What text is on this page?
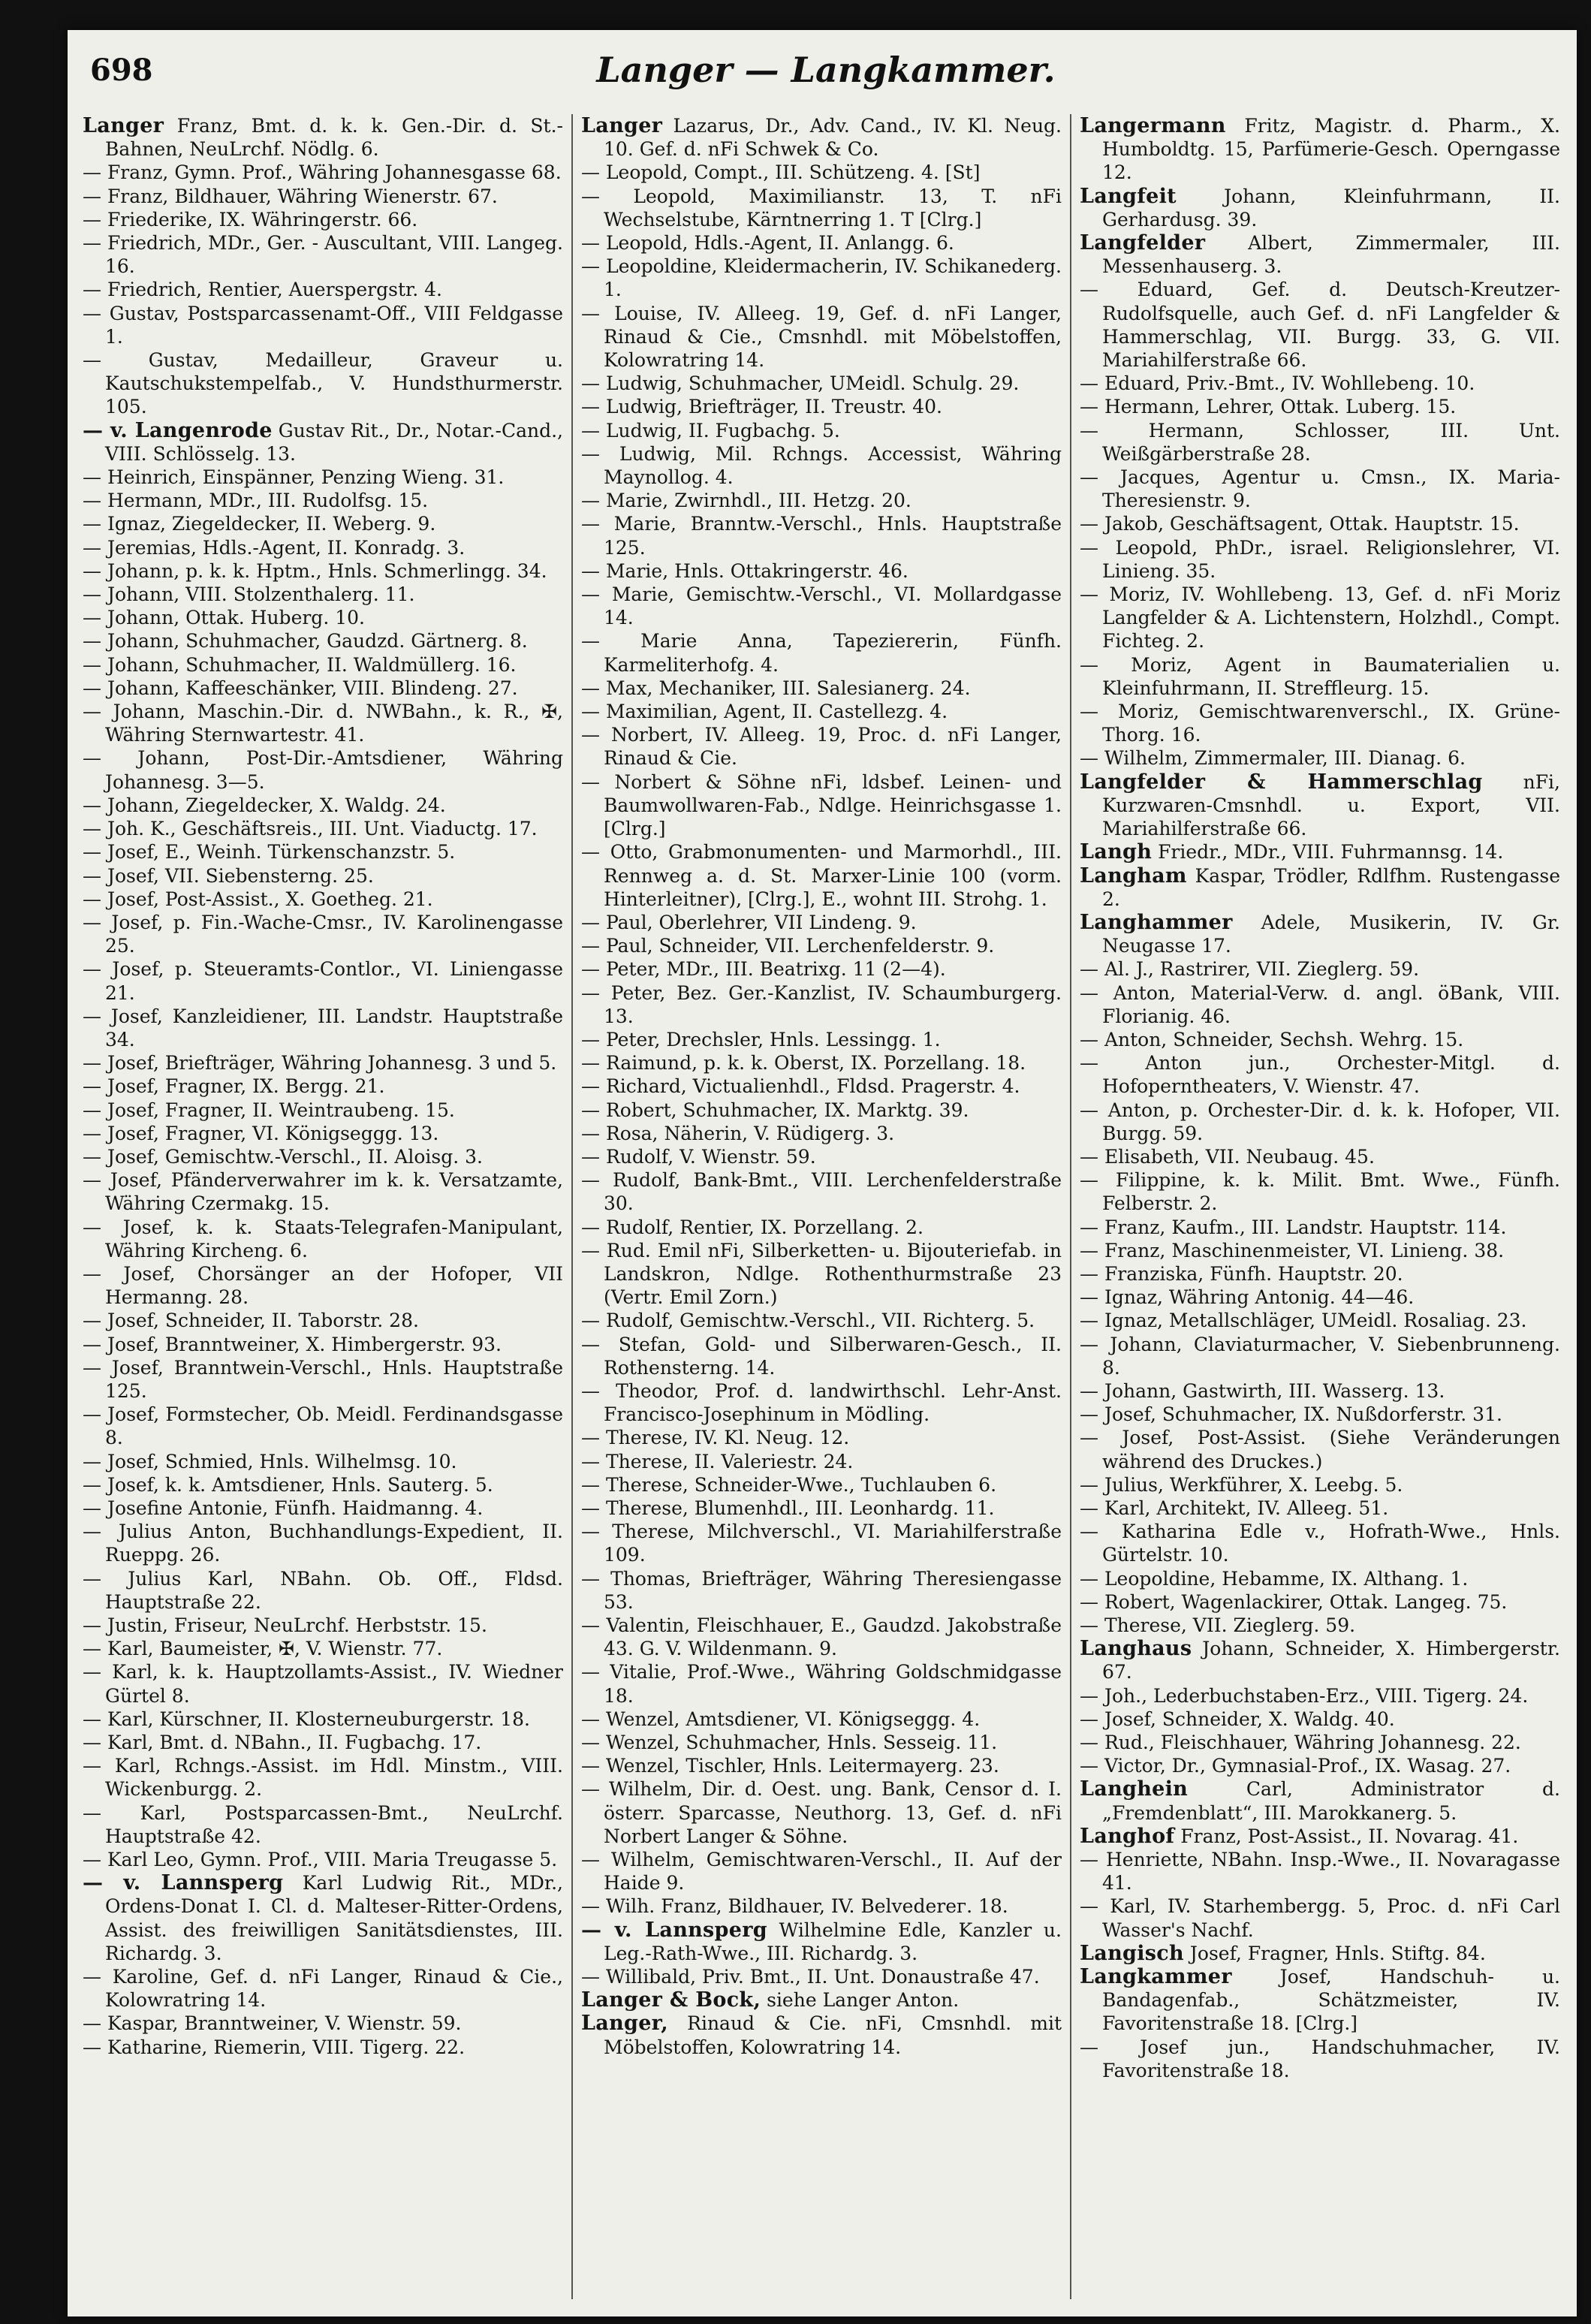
698	Langer — Langkammer.

Langer Franz, Bmt. d. k. k. Gen.-Dir. d. St.-Bahnen, NeuLrchf. Nödlg. 6.

— Franz, Gymn. Prof., Währing Johannesgasse 68.

— Franz, Bildhauer, Währing Wienerstr. 67.

— Friederike, IX. Währingerstr. 66.

— Friedrich, MDr., Ger. - Auscultant, VIII. Langeg. 16.

— Friedrich, Rentier, Auerspergstr. 4.

— Gustav, Postsparcassenamt-Off., VIII Feldgasse 1.

— Gustav, Medailleur, Graveur u. Kautschukstempelfab., V. Hundsthurmerstr. 105.

— v. Langenrode Gustav Rit., Dr., Notar.-Cand., VIII. Schlösselg. 13.

— Heinrich, Einspänner, Penzing Wieng. 31.

— Hermann, MDr., III. Rudolfsg. 15.

— Ignaz, Ziegeldecker, II. Weberg. 9.

— Jeremias, Hdls.-Agent, II. Konradg. 3.

— Johann, p. k. k. Hptm., Hnls. Schmerlingg. 34.

— Johann, VIII. Stolzenthalerg. 11.

— Johann, Ottak. Huberg. 10.

— Johann, Schuhmacher, Gaudzd. Gärtnerg. 8.

— Johann, Schuhmacher, II. Waldmüllerg. 16.

— Johann, Kaffeeschänker, VIII. Blindeng. 27.

— Johann, Maschin.-Dir. d. NWBahn., k. R., ✠, Währing Sternwartestr. 41.

— Johann, Post-Dir.-Amtsdiener, Währing Johannesg. 3—5.

— Johann, Ziegeldecker, X. Waldg. 24.

— Joh. K., Geschäftsreis., III. Unt. Viaductg. 17.

— Josef, E., Weinh. Türkenschanzstr. 5.

— Josef, VII. Siebensterng. 25.

— Josef, Post-Assist., X. Goetheg. 21.

— Josef, p. Fin.-Wache-Cmsr., IV. Karolinengasse 25.

— Josef, p. Steueramts-Contlor., VI. Liniengasse 21.

— Josef, Kanzleidiener, III. Landstr. Hauptstraße 34.

— Josef, Briefträger, Währing Johannesg. 3 und 5.

— Josef, Fragner, IX. Bergg. 21.

— Josef, Fragner, II. Weintraubeng. 15.

— Josef, Fragner, VI. Königseggg. 13.

— Josef, Gemischtw.-Verschl., II. Aloisg. 3.

— Josef, Pfänderverwahrer im k. k. Versatzamte, Währing Czermakg. 15.

— Josef, k. k. Staats-Telegrafen-Manipulant, Währing Kircheng. 6.

— Josef, Chorsänger an der Hofoper, VII Hermanng. 28.

— Josef, Schneider, II. Taborstr. 28.

— Josef, Branntweiner, X. Himbergerstr. 93.

— Josef, Branntwein-Verschl., Hnls. Hauptstraße 125.

— Josef, Formstecher, Ob. Meidl. Ferdinandsgasse 8.

— Josef, Schmied, Hnls. Wilhelmsg. 10.

— Josef, k. k. Amtsdiener, Hnls. Sauterg. 5.

— Josefine Antonie, Fünfh. Haidmanng. 4.

— Julius Anton, Buchhandlungs-Expedient, II. Rueppg. 26.

— Julius Karl, NBahn. Ob. Off., Fldsd. Hauptstraße 22.

— Justin, Friseur, NeuLrchf. Herbststr. 15.

— Karl, Baumeister, ✠, V. Wienstr. 77.

— Karl, k. k. Hauptzollamts-Assist., IV. Wiedner Gürtel 8.

— Karl, Kürschner, II. Klosterneuburgerstr. 18.

— Karl, Bmt. d. NBahn., II. Fugbachg. 17.

— Karl, Rchngs.-Assist. im Hdl. Minstm., VIII. Wickenburgg. 2.

— Karl, Postsparcassen-Bmt., NeuLrchf. Hauptstraße 42.

— Karl Leo, Gymn. Prof., VIII. Maria Treugasse 5.

— v. Lannsperg Karl Ludwig Rit., MDr., Ordens-Donat I. Cl. d. Malteser-Ritter-Ordens, Assist. des freiwilligen Sanitätsdienstes, III. Richardg. 3.

— Karoline, Gef. d. nFi Langer, Rinaud & Cie., Kolowratring 14.

— Kaspar, Branntweiner, V. Wienstr. 59.

— Katharine, Riemerin, VIII. Tigerg. 22.

Langer Lazarus, Dr., Adv. Cand., IV. Kl. Neug. 10. Gef. d. nFi Schwek & Co.

— Leopold, Compt., III. Schützeng. 4. [St]

— Leopold, Maximilianstr. 13, T. nFi Wechselstube, Kärntnerring 1. T [Clrg.]

— Leopold, Hdls.-Agent, II. Anlangg. 6.

— Leopoldine, Kleidermacherin, IV. Schikanederg. 1.

— Louise, IV. Alleeg. 19, Gef. d. nFi Langer, Rinaud & Cie., Cmsnhdl. mit Möbelstoffen, Kolowratring 14.

— Ludwig, Schuhmacher, UMeidl. Schulg. 29.

— Ludwig, Briefträger, II. Treustr. 40.

— Ludwig, II. Fugbachg. 5.

— Ludwig, Mil. Rchngs. Accessist, Währing Maynollog. 4.

— Marie, Zwirnhdl., III. Hetzg. 20.

— Marie, Branntw.-Verschl., Hnls. Hauptstraße 125.

— Marie, Hnls. Ottakringerstr. 46.

— Marie, Gemischtw.-Verschl., VI. Mollardgasse 14.

— Marie Anna, Tapeziererin, Fünfh. Karmeliterhofg. 4.

— Max, Mechaniker, III. Salesianerg. 24.

— Maximilian, Agent, II. Castellezg. 4.

— Norbert, IV. Alleeg. 19, Proc. d. nFi Langer, Rinaud & Cie.

— Norbert & Söhne nFi, ldsbef. Leinen- und Baumwollwaren-Fab., Ndlge. Heinrichsgasse 1. [Clrg.]

— Otto, Grabmonumenten- und Marmorhdl., III. Rennweg a. d. St. Marxer-Linie 100 (vorm. Hinterleitner), [Clrg.], E., wohnt III. Strohg. 1.

— Paul, Oberlehrer, VII Lindeng. 9.

— Paul, Schneider, VII. Lerchenfelderstr. 9.

— Peter, MDr., III. Beatrixg. 11 (2—4).

— Peter, Bez. Ger.-Kanzlist, IV. Schaumburgerg. 13.

— Peter, Drechsler, Hnls. Lessingg. 1.

— Raimund, p. k. k. Oberst, IX. Porzellang. 18.

— Richard, Victualienhdl., Fldsd. Pragerstr. 4.

— Robert, Schuhmacher, IX. Marktg. 39.

— Rosa, Näherin, V. Rüdigerg. 3.

— Rudolf, V. Wienstr. 59.

— Rudolf, Bank-Bmt., VIII. Lerchenfelderstraße 30.

— Rudolf, Rentier, IX. Porzellang. 2.

— Rud. Emil nFi, Silberketten- u. Bijouteriefab. in Landskron, Ndlge. Rothenthurmstraße 23 (Vertr. Emil Zorn.)

— Rudolf, Gemischtw.-Verschl., VII. Richterg. 5.

— Stefan, Gold- und Silberwaren-Gesch., II. Rothensterng. 14.

— Theodor, Prof. d. landwirthschl. Lehr-Anst. Francisco-Josephinum in Mödling.

— Therese, IV. Kl. Neug. 12.

— Therese, II. Valeriestr. 24.

— Therese, Schneider-Wwe., Tuchlauben 6.

— Therese, Blumenhdl., III. Leonhardg. 11.

— Therese, Milchverschl., VI. Mariahilferstraße 109.

— Thomas, Briefträger, Währing Theresiengasse 53.

— Valentin, Fleischhauer, E., Gaudzd. Jakobstraße 43. G. V. Wildenmann. 9.

— Vitalie, Prof.-Wwe., Währing Goldschmidgasse 18.

— Wenzel, Amtsdiener, VI. Königseggg. 4.

— Wenzel, Schuhmacher, Hnls. Sesseig. 11.

— Wenzel, Tischler, Hnls. Leitermayerg. 23.

— Wilhelm, Dir. d. Oest. ung. Bank, Censor d. I. österr. Sparcasse, Neuthorg. 13, Gef. d. nFi Norbert Langer & Söhne.

— Wilhelm, Gemischtwaren-Verschl., II. Auf der Haide 9.

— Wilh. Franz, Bildhauer, IV. Belvederег. 18.

— v. Lannsperg Wilhelmine Edle, Kanzler u. Leg.-Rath-Wwe., III. Richardg. 3.

— Willibald, Priv. Bmt., II. Unt. Donaustraße 47.

Langer & Bock, siehe Langer Anton.

Langer, Rinaud & Cie. nFi, Cmsnhdl. mit Möbelstoffen, Kolowratring 14.

Langermann Fritz, Magistr. d. Pharm., X. Humboldtg. 15, Parfümerie-Gesch. Operngasse 12.

Langfeit	Johann, Kleinfuhrmann, II. Gerhardusg. 39.

Langfelder Albert, Zimmermaler, III. Messenhauserg. 3.

— Eduard, Gef. d. Deutsch-Kreutzer-Rudolfsquelle, auch Gef. d. nFi Langfelder & Hammerschlag, VII. Burgg. 33, G. VII. Mariahilferstraße 66.

— Eduard, Priv.-Bmt., IV. Wohllebeng. 10.

— Hermann, Lehrer, Ottak. Luberg. 15.

— Hermann, Schlosser, III. Unt. Weißgärberstraße 28.

— Jacques, Agentur u. Cmsn., IX. Maria-Theresienstr. 9.

— Jakob, Geschäftsagent, Ottak. Hauptstr. 15.

— Leopold, PhDr., israel. Religionslehrer, VI. Linieng. 35.

— Moriz, IV. Wohllebeng. 13, Gef. d. nFi Moriz Langfelder & A. Lichtenstern, Holzhdl., Compt. Fichteg. 2.

— Moriz, Agent in Baumaterialien u. Kleinfuhrmann, II. Streffleurg. 15.

— Moriz, Gemischtwarenverschl., IX. Grüne-Thorg. 16.

— Wilhelm, Zimmermaler, III. Dianag. 6.

Langfelder & Hammerschlag nFi, Kurzwaren-Cmsnhdl. u. Export, VII. Mariahilferstraße 66.

Langh Friedr., MDr., VIII. Fuhrmannsg. 14.

Langham Kaspar, Trödler, Rdlfhm. Rustengasse 2.

Langhammer Adele, Musikerin, IV. Gr. Neugasse 17.

— Al. J., Rastrirer, VII. Zieglerg. 59.

— Anton, Material-Verw. d. angl. öBank, VIII. Florianig. 46.

— Anton, Schneider, Sechsh. Wehrg. 15.

— Anton jun., Orchester-Mitgl. d. Hofoperntheaters, V. Wienstr. 47.

— Anton, p. Orchester-Dir. d. k. k. Hofoper, VII. Burgg. 59.

— Elisabeth, VII. Neubaug. 45.

— Filippine, k. k. Milit. Bmt. Wwe., Fünfh. Felberstr. 2.

— Franz, Kaufm., III. Landstr. Hauptstr. 114.

— Franz, Maschinenmeister, VI. Linieng. 38.

— Franziska, Fünfh. Hauptstr. 20.

— Ignaz, Währing Antonig. 44—46.

— Ignaz, Metallschläger, UMeidl. Rosaliag. 23.

— Johann, Claviaturmacher, V. Siebenbrunneng. 8.

— Johann, Gastwirth, III. Wasserg. 13.

— Josef, Schuhmacher, IX. Nußdorferstr. 31.

— Josef, Post-Assist. (Siehe Veränderungen während des Druckes.)

— Julius, Werkführer, X. Leebg. 5.

— Karl, Architekt, IV. Alleeg. 51.

— Katharina Edle v., Hofrath-Wwe., Hnls. Gürtelstr. 10.

— Leopoldine, Hebamme, IX. Althang. 1.

— Robert, Wagenlackirer, Ottak. Langeg. 75.

— Therese, VII. Zieglerg. 59.

Langhaus Johann, Schneider, X. Himbergerstr. 67.

— Joh., Lederbuchstaben-Erz., VIII. Tigerg. 24.

— Josef, Schneider, X. Waldg. 40.

— Rud., Fleischhauer, Währing Johannesg. 22.

— Victor, Dr., Gymnasial-Prof., IX. Wasag. 27.

Langhein	Carl, Administrator d. „Fremdenblatt“, III. Marokkanerg. 5.

Langhof Franz, Post-Assist., II. Novarag. 41.

— Henriette, NBahn. Insp.-Wwe., II. Novaragasse 41.

— Karl, IV. Starhembergg. 5, Proc. d. nFi Carl Wasser's Nachf.

Langisch Josef, Fragner, Hnls. Stiftg. 84.

Langkammer	Josef, Handschuh- u. Bandagenfab., Schätzmeister, IV. Favoritenstraße 18. [Clrg.]

— Josef jun., Handschuhmacher, IV. Favoritenstraße 18.
